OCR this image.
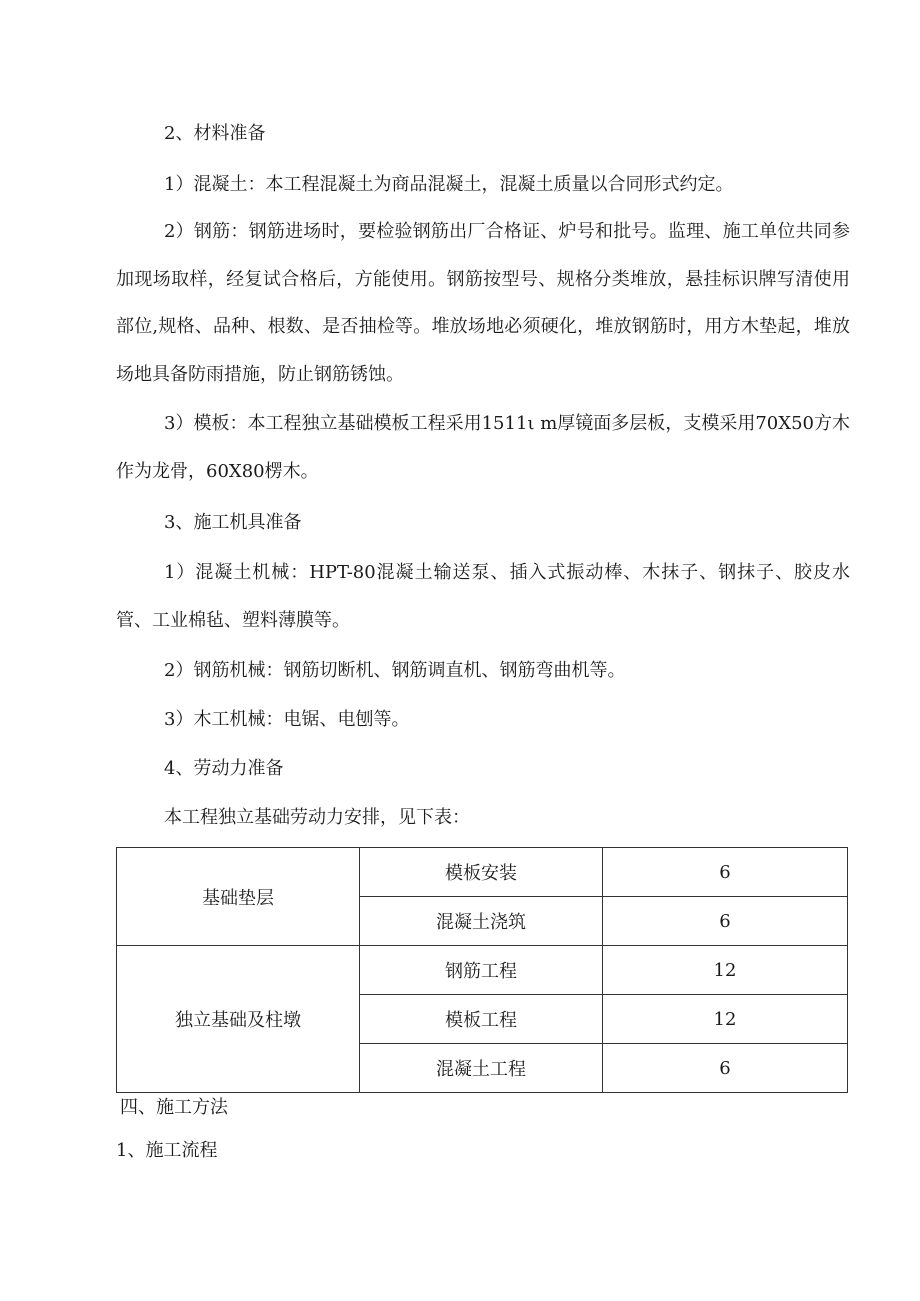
2、材料准备

1）混凝土：本工程混凝土为商品混凝土，混凝土质量以合同形式约定。

2）钢筋：钢筋进场时，要检验钢筋出厂合格证、炉号和批号。监理、施工单位共同参加现场取样，经复试合格后，方能使用。钢筋按型号、规格分类堆放，悬挂标识牌写清使用部位,规格、品种、根数、是否抽检等。堆放场地必须硬化，堆放钢筋时，用方木垫起，堆放场地具备防雨措施，防止钢筋锈蚀。

3）模板：本工程独立基础模板工程采用1511ι m厚镜面多层板，支模采用70X50方木作为龙骨，60X80楞木。

3、施工机具准备

1）混凝土机械：HPT-80混凝土输送泵、插入式振动棒、木抹子、钢抹子、胶皮水管、工业棉毡、塑料薄膜等。

2）钢筋机械：钢筋切断机、钢筋调直机、钢筋弯曲机等。

3）木工机械：电锯、电刨等。

4、劳动力准备

本工程独立基础劳动力安排，见下表：

基础垫层	模板安装	6
	混凝土浇筑	6
独立基础及柱墩	钢筋工程	12
	模板工程	12
	混凝土工程	6

四、施工方法

1、施工流程
